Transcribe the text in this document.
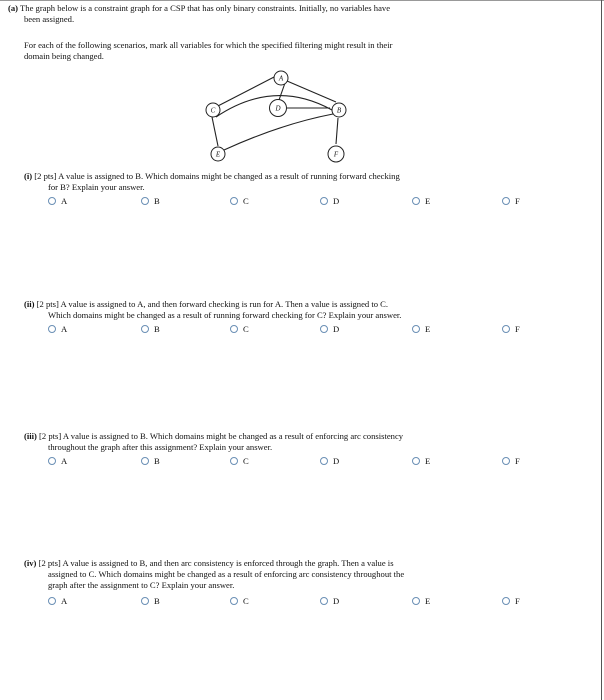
(a) The graph below is a constraint graph for a CSP that has only binary constraints. Initially, no variables have
been assigned.
For each of the following scenarios, mark all variables for which the specified filtering might result in their
domain being changed.
A
D	B
C
E	F
(i) [2 pts] A value is assigned to B. Which domains might be changed as a result of running forward checking
for B? Explain your answer.
A	B	C	D	E	F
(ii) [2 pts] A value is assigned to A, and then forward checking is run for A. Then a value is assigned to C.
Which domains might be changed as a result of running forward checking for C? Explain your answer.
A	B	C	D	E	F
(iii) [2 pts] A value is assigned to B. Which domains might be changed as a result of enforcing arc consistency
throughout the graph after this assignment? Explain your answer.
A	B	C	D	E	F
(iv) [2 pts] A value is assigned to B, and then arc consistency is enforced through the graph. Then a value is
assigned to C. Which domains might be changed as a result of enforcing arc consistency throughout the
graph after the assignment to C? Explain your answer.
A	B	C	D	E	F
